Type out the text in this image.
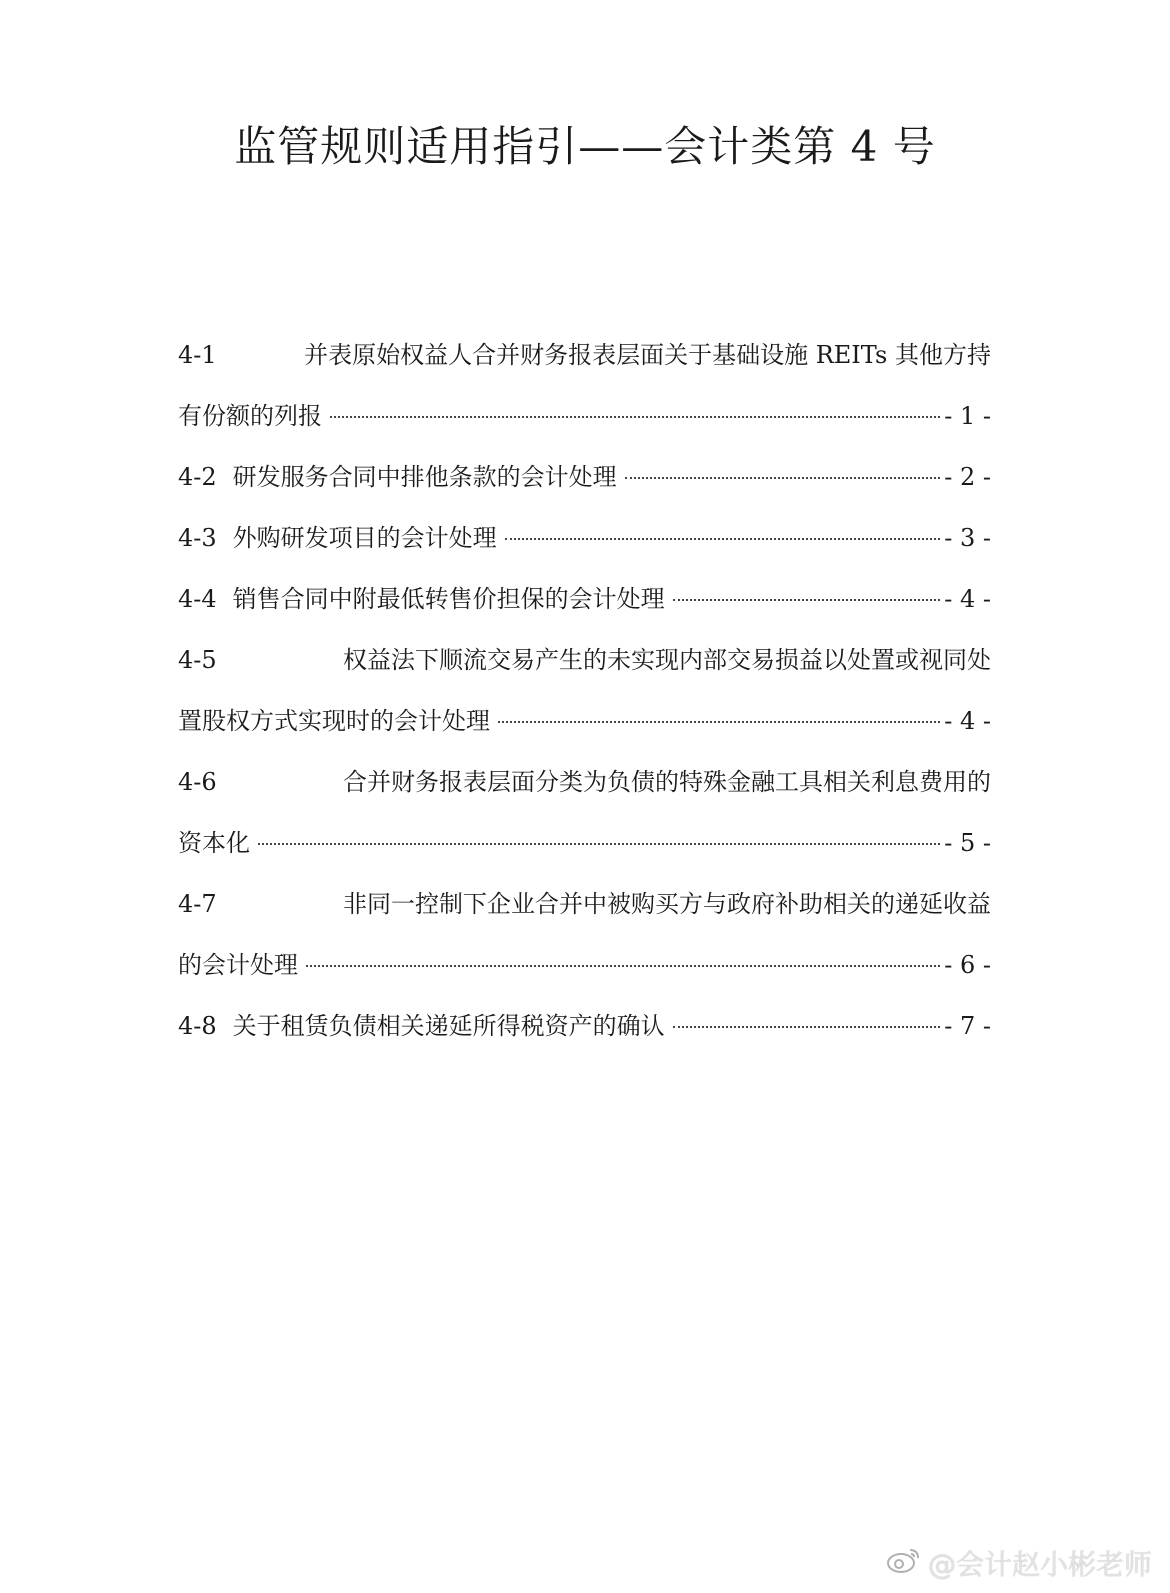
监管规则适用指引——会计类第 4 号
4-1	并表原始权益人合并财务报表层面关于基础设施 REITs 其他方持
有份额的列报	- 1 -
4-2 研发服务合同中排他条款的会计处理	- 2 -
4-3 外购研发项目的会计处理	- 3 -
4-4 销售合同中附最低转售价担保的会计处理	- 4 -
4-5	权益法下顺流交易产生的未实现内部交易损益以处置或视同处
置股权方式实现时的会计处理	- 4 -
4-6	合并财务报表层面分类为负债的特殊金融工具相关利息费用的
资本化	- 5 -
4-7	非同一控制下企业合并中被购买方与政府补助相关的递延收益
的会计处理	- 6 -
4-8 关于租赁负债相关递延所得税资产的确认	- 7 -
@会计赵小彬老师
